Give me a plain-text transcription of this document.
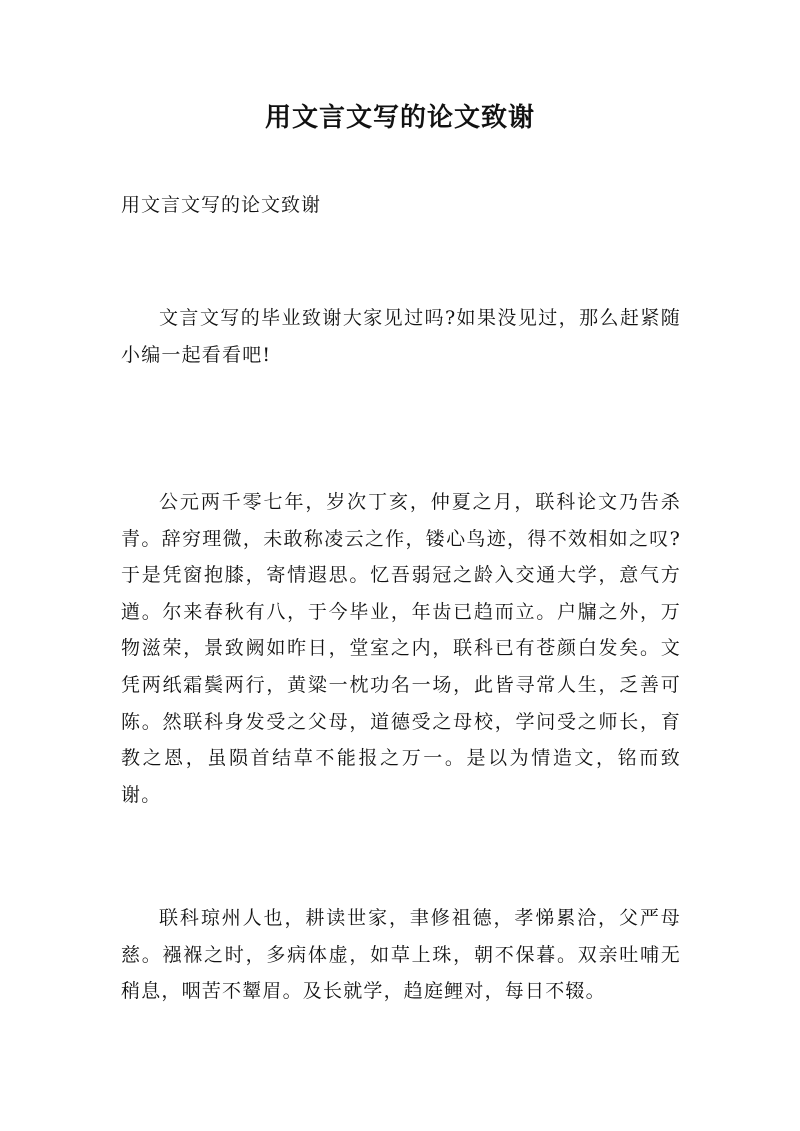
用文言文写的论文致谢

用文言文写的论文致谢

文言文写的毕业致谢大家见过吗?如果没见过，那么赶紧随小编一起看看吧!

公元两千零七年，岁次丁亥，仲夏之月，联科论文乃告杀青。辞穷理微，未敢称凌云之作，镂心鸟迹，得不效相如之叹?于是凭窗抱膝，寄情遐思。忆吾弱冠之龄入交通大学，意气方遒。尔来春秋有八，于今毕业，年齿已趋而立。户牖之外，万物滋荣，景致阙如昨日，堂室之内，联科已有苍颜白发矣。文凭两纸霜鬓两行，黄粱一枕功名一场，此皆寻常人生，乏善可陈。然联科身发受之父母，道德受之母校，学问受之师长，育教之恩，虽陨首结草不能报之万一。是以为情造文，铭而致谢。

联科琼州人也，耕读世家，聿修祖德，孝悌累洽，父严母慈。襁褓之时，多病体虚，如草上珠，朝不保暮。双亲吐哺无稍息，咽苦不颦眉。及长就学，趋庭鲤对，每日不辍。
